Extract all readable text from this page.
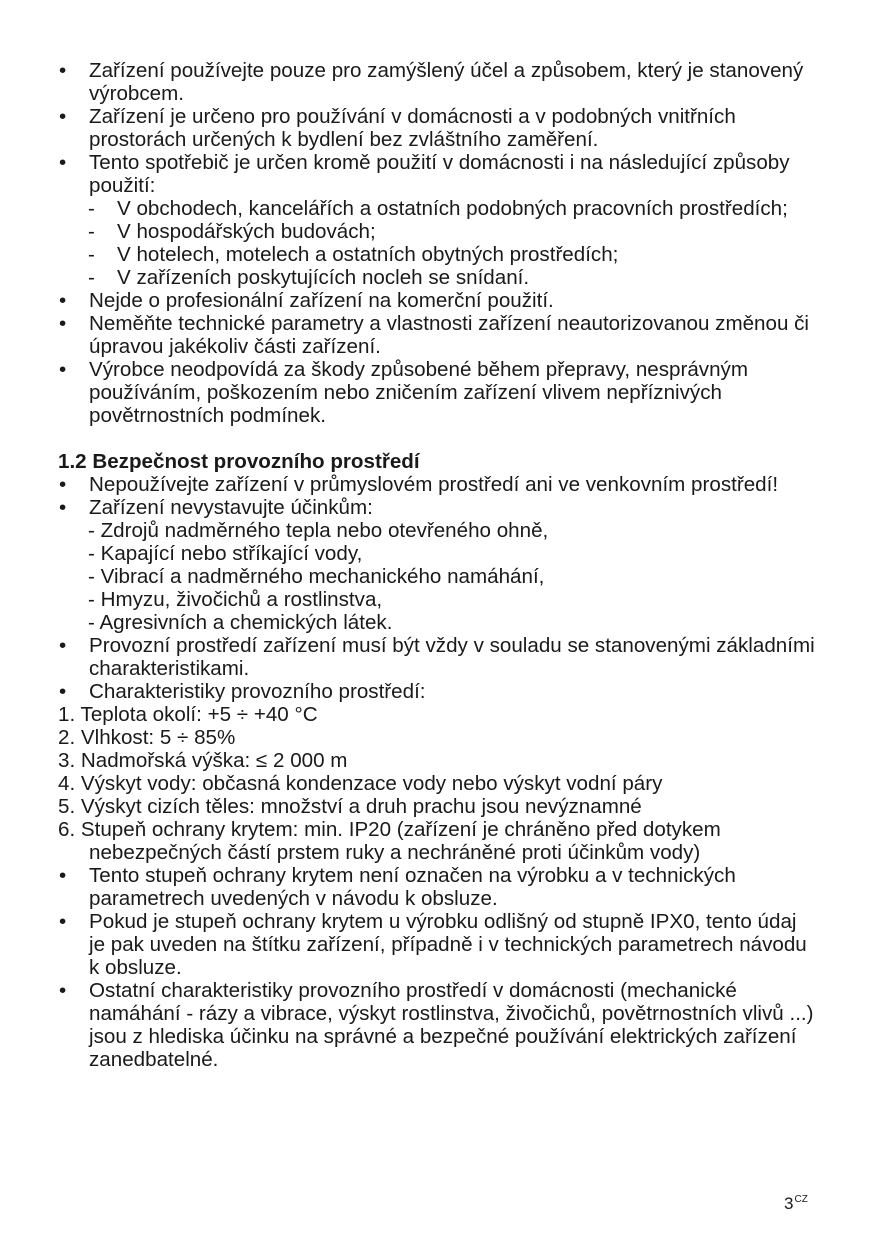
• Zařízení používejte pouze pro zamýšlený účel a způsobem, který je stanovený výrobcem.
• Zařízení je určeno pro používání v domácnosti a v podobných vnitřních prostorách určených k bydlení bez zvláštního zaměření.
• Tento spotřebič je určen kromě použití v domácnosti i na následující způsoby použití:
- V obchodech, kancelářích a ostatních podobných pracovních prostředích;
- V hospodářských budovách;
- V hotelech, motelech a ostatních obytných prostředích;
- V zařízeních poskytujících nocleh se snídaní.
• Nejde o profesionální zařízení na komerční použití.
• Neměňte technické parametry a vlastnosti zařízení neautorizovanou změnou či úpravou jakékoliv části zařízení.
• Výrobce neodpovídá za škody způsobené během přepravy, nesprávným používáním, poškozením nebo zničením zařízení vlivem nepříznivých povětrnostních podmínek.
1.2 Bezpečnost provozního prostředí
• Nepoužívejte zařízení v průmyslovém prostředí ani ve venkovním prostředí!
• Zařízení nevystavujte účinkům:
- Zdrojů nadměrného tepla nebo otevřeného ohně,
- Kapající nebo stříkající vody,
- Vibrací a nadměrného mechanického namáhání,
- Hmyzu, živočichů a rostlinstva,
- Agresivních a chemických látek.
• Provozní prostředí zařízení musí být vždy v souladu se stanovenými základními charakteristikami.
• Charakteristiky provozního prostředí:
1. Teplota okolí: +5 ÷ +40 °C
2. Vlhkost: 5 ÷ 85%
3. Nadmořská výška: ≤ 2 000 m
4. Výskyt vody: občasná kondenzace vody nebo výskyt vodní páry
5. Výskyt cizích těles: množství a druh prachu jsou nevýznamné
6. Stupeň ochrany krytem: min. IP20 (zařízení je chráněno před dotykem nebezpečných částí prstem ruky a nechráněné proti účinkům vody)
• Tento stupeň ochrany krytem není označen na výrobku a v technických parametrech uvedených v návodu k obsluze.
• Pokud je stupeň ochrany krytem u výrobku odlišný od stupně IPX0, tento údaj je pak uveden na štítku zařízení, případně i v technických parametrech návodu k obsluze.
• Ostatní charakteristiky provozního prostředí v domácnosti (mechanické namáhání - rázy a vibrace, výskyt rostlinstva, živočichů, povětrnostních vlivů ...) jsou z hlediska účinku na správné a bezpečné používání elektrických zařízení zanedbatelné.
$3^{CZ}$
